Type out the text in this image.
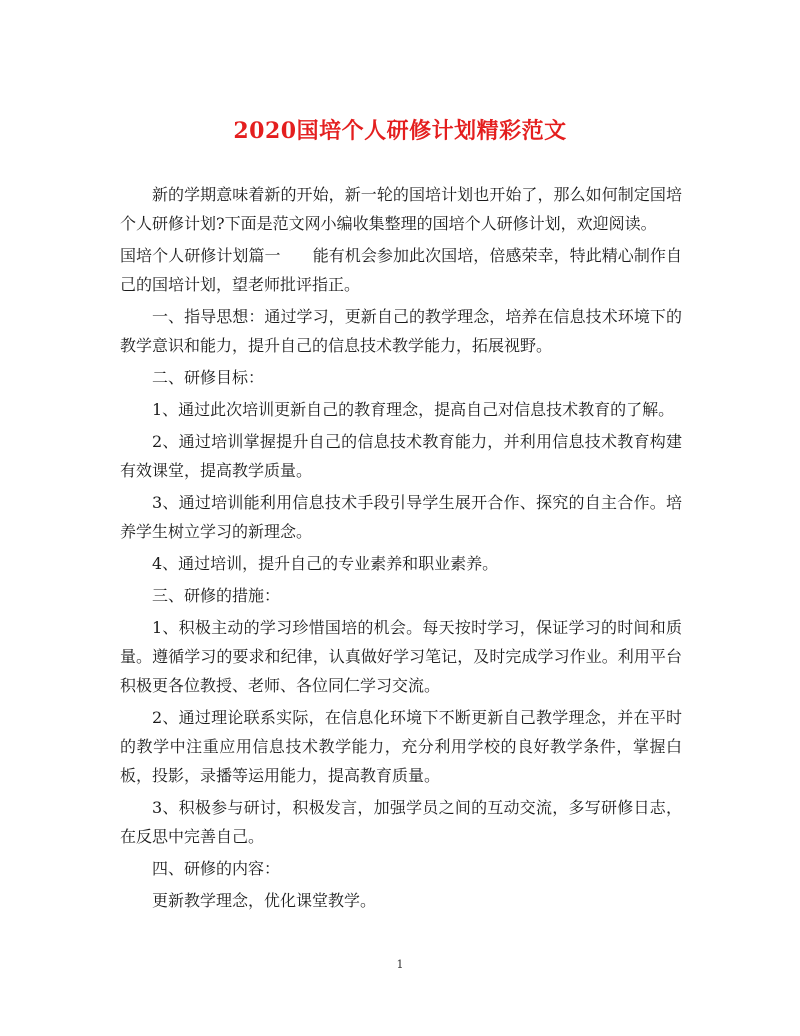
2020国培个人研修计划精彩范文

新的学期意味着新的开始，新一轮的国培计划也开始了，那么如何制定国培个人研修计划?下面是范文网小编收集整理的国培个人研修计划，欢迎阅读。

国培个人研修计划篇一　　能有机会参加此次国培，倍感荣幸，特此精心制作自己的国培计划，望老师批评指正。

一、指导思想：通过学习，更新自己的教学理念，培养在信息技术环境下的教学意识和能力，提升自己的信息技术教学能力，拓展视野。

二、研修目标：

1、通过此次培训更新自己的教育理念，提高自己对信息技术教育的了解。

2、通过培训掌握提升自己的信息技术教育能力，并利用信息技术教育构建有效课堂，提高教学质量。

3、通过培训能利用信息技术手段引导学生展开合作、探究的自主合作。培养学生树立学习的新理念。

4、通过培训，提升自己的专业素养和职业素养。

三、研修的措施：

1、积极主动的学习珍惜国培的机会。每天按时学习，保证学习的时间和质量。遵循学习的要求和纪律，认真做好学习笔记，及时完成学习作业。利用平台积极更各位教授、老师、各位同仁学习交流。

2、通过理论联系实际，在信息化环境下不断更新自己教学理念，并在平时的教学中注重应用信息技术教学能力，充分利用学校的良好教学条件，掌握白板，投影，录播等运用能力，提高教育质量。

3、积极参与研讨，积极发言，加强学员之间的互动交流，多写研修日志，在反思中完善自己。

四、研修的内容：

更新教学理念，优化课堂教学。

1
